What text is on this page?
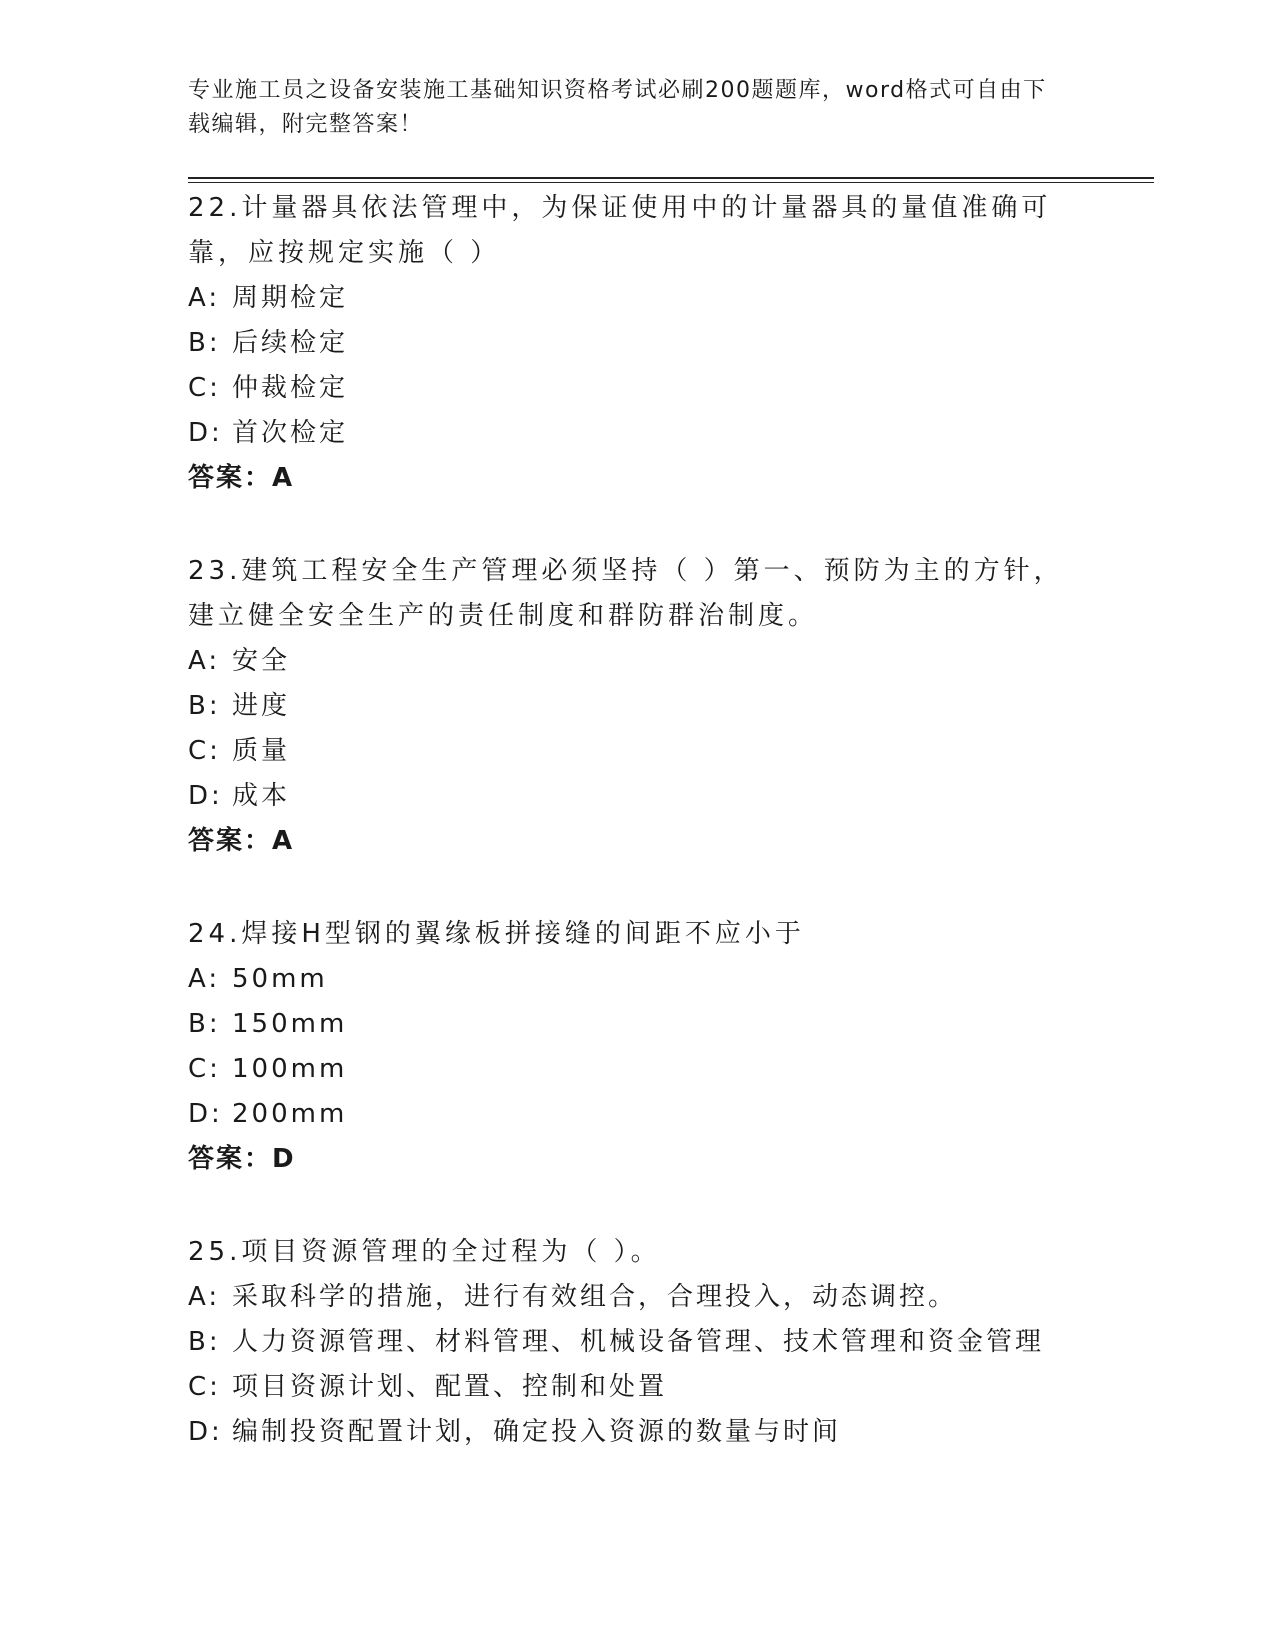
专业施工员之设备安装施工基础知识资格考试必刷200题题库，word格式可自由下载编辑，附完整答案！

22.计量器具依法管理中，为保证使用中的计量器具的量值准确可靠，应按规定实施（ ）

A: 周期检定
B: 后续检定
C: 仲裁检定
D: 首次检定
答案：A

23.建筑工程安全生产管理必须坚持（ ）第一、预防为主的方针，建立健全安全生产的责任制度和群防群治制度。

A: 安全
B: 进度
C: 质量
D: 成本
答案：A

24.焊接H型钢的翼缘板拼接缝的间距不应小于

A: 50mm
B: 150mm
C: 100mm
D: 200mm
答案：D

25.项目资源管理的全过程为（ ）。

A: 采取科学的措施，进行有效组合，合理投入，动态调控。
B: 人力资源管理、材料管理、机械设备管理、技术管理和资金管理
C: 项目资源计划、配置、控制和处置
D: 编制投资配置计划，确定投入资源的数量与时间
